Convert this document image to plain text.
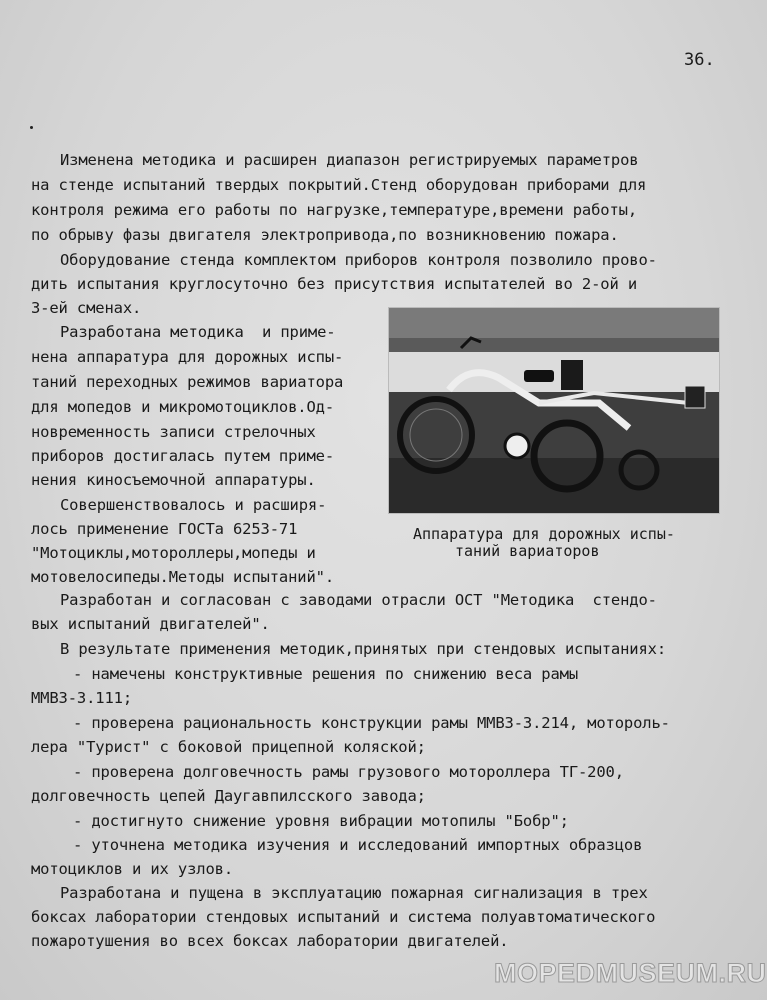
36.
Изменена методика и расширен диапазон регистрируемых параметров
на стенде испытаний твердых покрытий.Стенд оборудован приборами для
контроля режима его работы по нагрузке,температуре,времени работы,
по обрыву фазы двигателя электропривода,по возникновению пожара.
Оборудование стенда комплектом приборов контроля позволило прово-
дить испытания круглосуточно без присутствия испытателей во 2-ой и
3-ей сменах.
Разработана методика  и приме-
нена аппаратура для дорожных испы-
таний переходных режимов вариатора
для мопедов и микромотоциклов.Од-
новременность записи стрелочных
приборов достигалась путем приме-
нения киносъемочной аппаратуры.
Совершенствовалось и расширя-
лось применение ГОСТа 6253-71
"Мотоциклы,мотороллеры,мопеды и
мотовелосипеды.Методы испытаний".
Аппаратура для дорожных испы-
таний вариаторов
Разработан и согласован с заводами отрасли ОСТ "Методика  стендо-
вых испытаний двигателей".
В результате применения методик,принятых при стендовых испытаниях:
- намечены конструктивные решения по снижению веса рамы
ММВЗ-3.111;
- проверена рациональность конструкции рамы ММВЗ-3.214, мотороль-
лера "Турист" с боковой прицепной коляской;
- проверена долговечность рамы грузового мотороллера ТГ-200,
долговечность цепей Даугавпилсского завода;
- достигнуто снижение уровня вибрации мотопилы "Бобр";
- уточнена методика изучения и исследований импортных образцов
мотоциклов и их узлов.
Разработана и пущена в эксплуатацию пожарная сигнализация в трех
боксах лаборатории стендовых испытаний и система полуавтоматического
пожаротушения во всех боксах лаборатории двигателей.
MOPEDMUSEUM.RU
